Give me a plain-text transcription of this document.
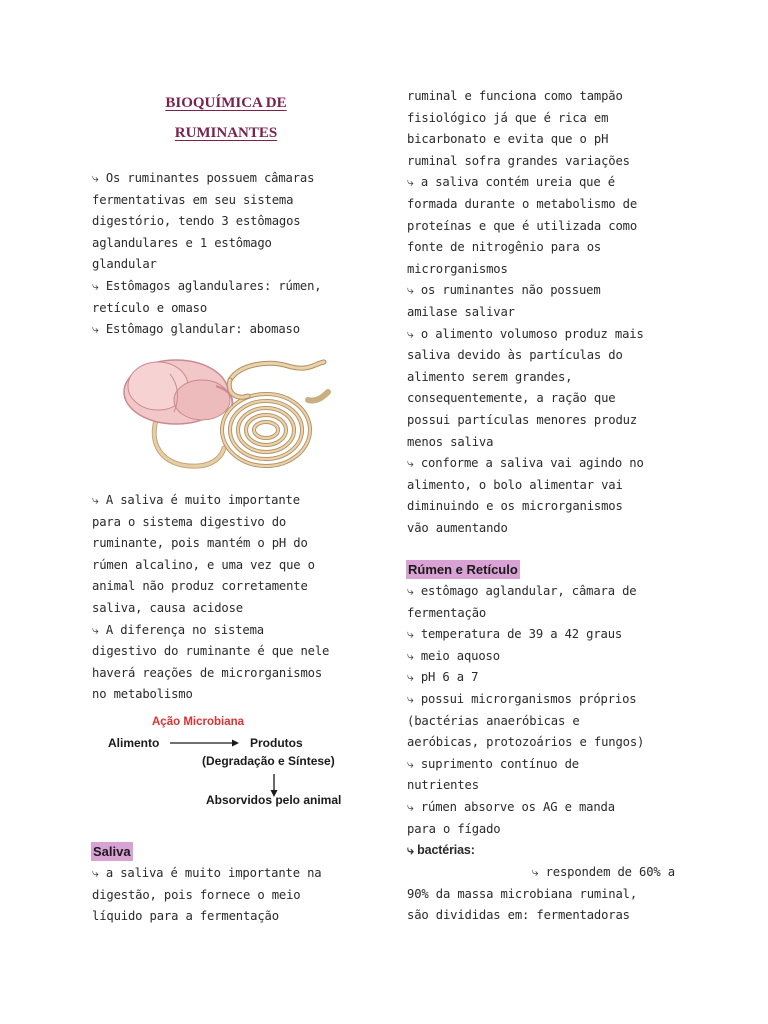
BIOQUÍMICA DE
RUMINANTES
⤷ Os ruminantes possuem câmaras
fermentativas em seu sistema
digestório, tendo 3 estômagos
aglandulares e 1 estômago
glandular
⤷ Estômagos aglandulares: rúmen,
retículo e omaso
⤷ Estômago glandular: abomaso
⤷ A saliva é muito importante
para o sistema digestivo do
ruminante, pois mantém o pH do
rúmen alcalino, e uma vez que o
animal não produz corretamente
saliva, causa acidose
⤷ A diferença no sistema
digestivo do ruminante é que nele
haverá reações de microrganismos
no metabolismo
Ação Microbiana
Alimento	Produtos
(Degradação e Síntese)
Absorvidos pelo animal
Saliva
⤷ a saliva é muito importante na
digestão, pois fornece o meio
líquido para a fermentação
ruminal e funciona como tampão
fisiológico já que é rica em
bicarbonato e evita que o pH
ruminal sofra grandes variações
⤷ a saliva contém ureia que é
formada durante o metabolismo de
proteínas e que é utilizada como
fonte de nitrogênio para os
microrganismos
⤷ os ruminantes não possuem
amilase salivar
⤷ o alimento volumoso produz mais
saliva devido às partículas do
alimento serem grandes,
consequentemente, a ração que
possui partículas menores produz
menos saliva
⤷ conforme a saliva vai agindo no
alimento, o bolo alimentar vai
diminuindo e os microrganismos
vão aumentando
Rúmen e Retículo
⤷ estômago aglandular, câmara de
fermentação
⤷ temperatura de 39 a 42 graus
⤷ meio aquoso
⤷ pH 6 a 7
⤷ possui microrganismos próprios
(bactérias anaeróbicas e
aeróbicas, protozoários e fungos)
⤷ suprimento contínuo de
nutrientes
⤷ rúmen absorve os AG e manda
para o fígado
⤷ bactérias:
⤷ respondem de 60% a
90% da massa microbiana ruminal,
são divididas em: fermentadoras
